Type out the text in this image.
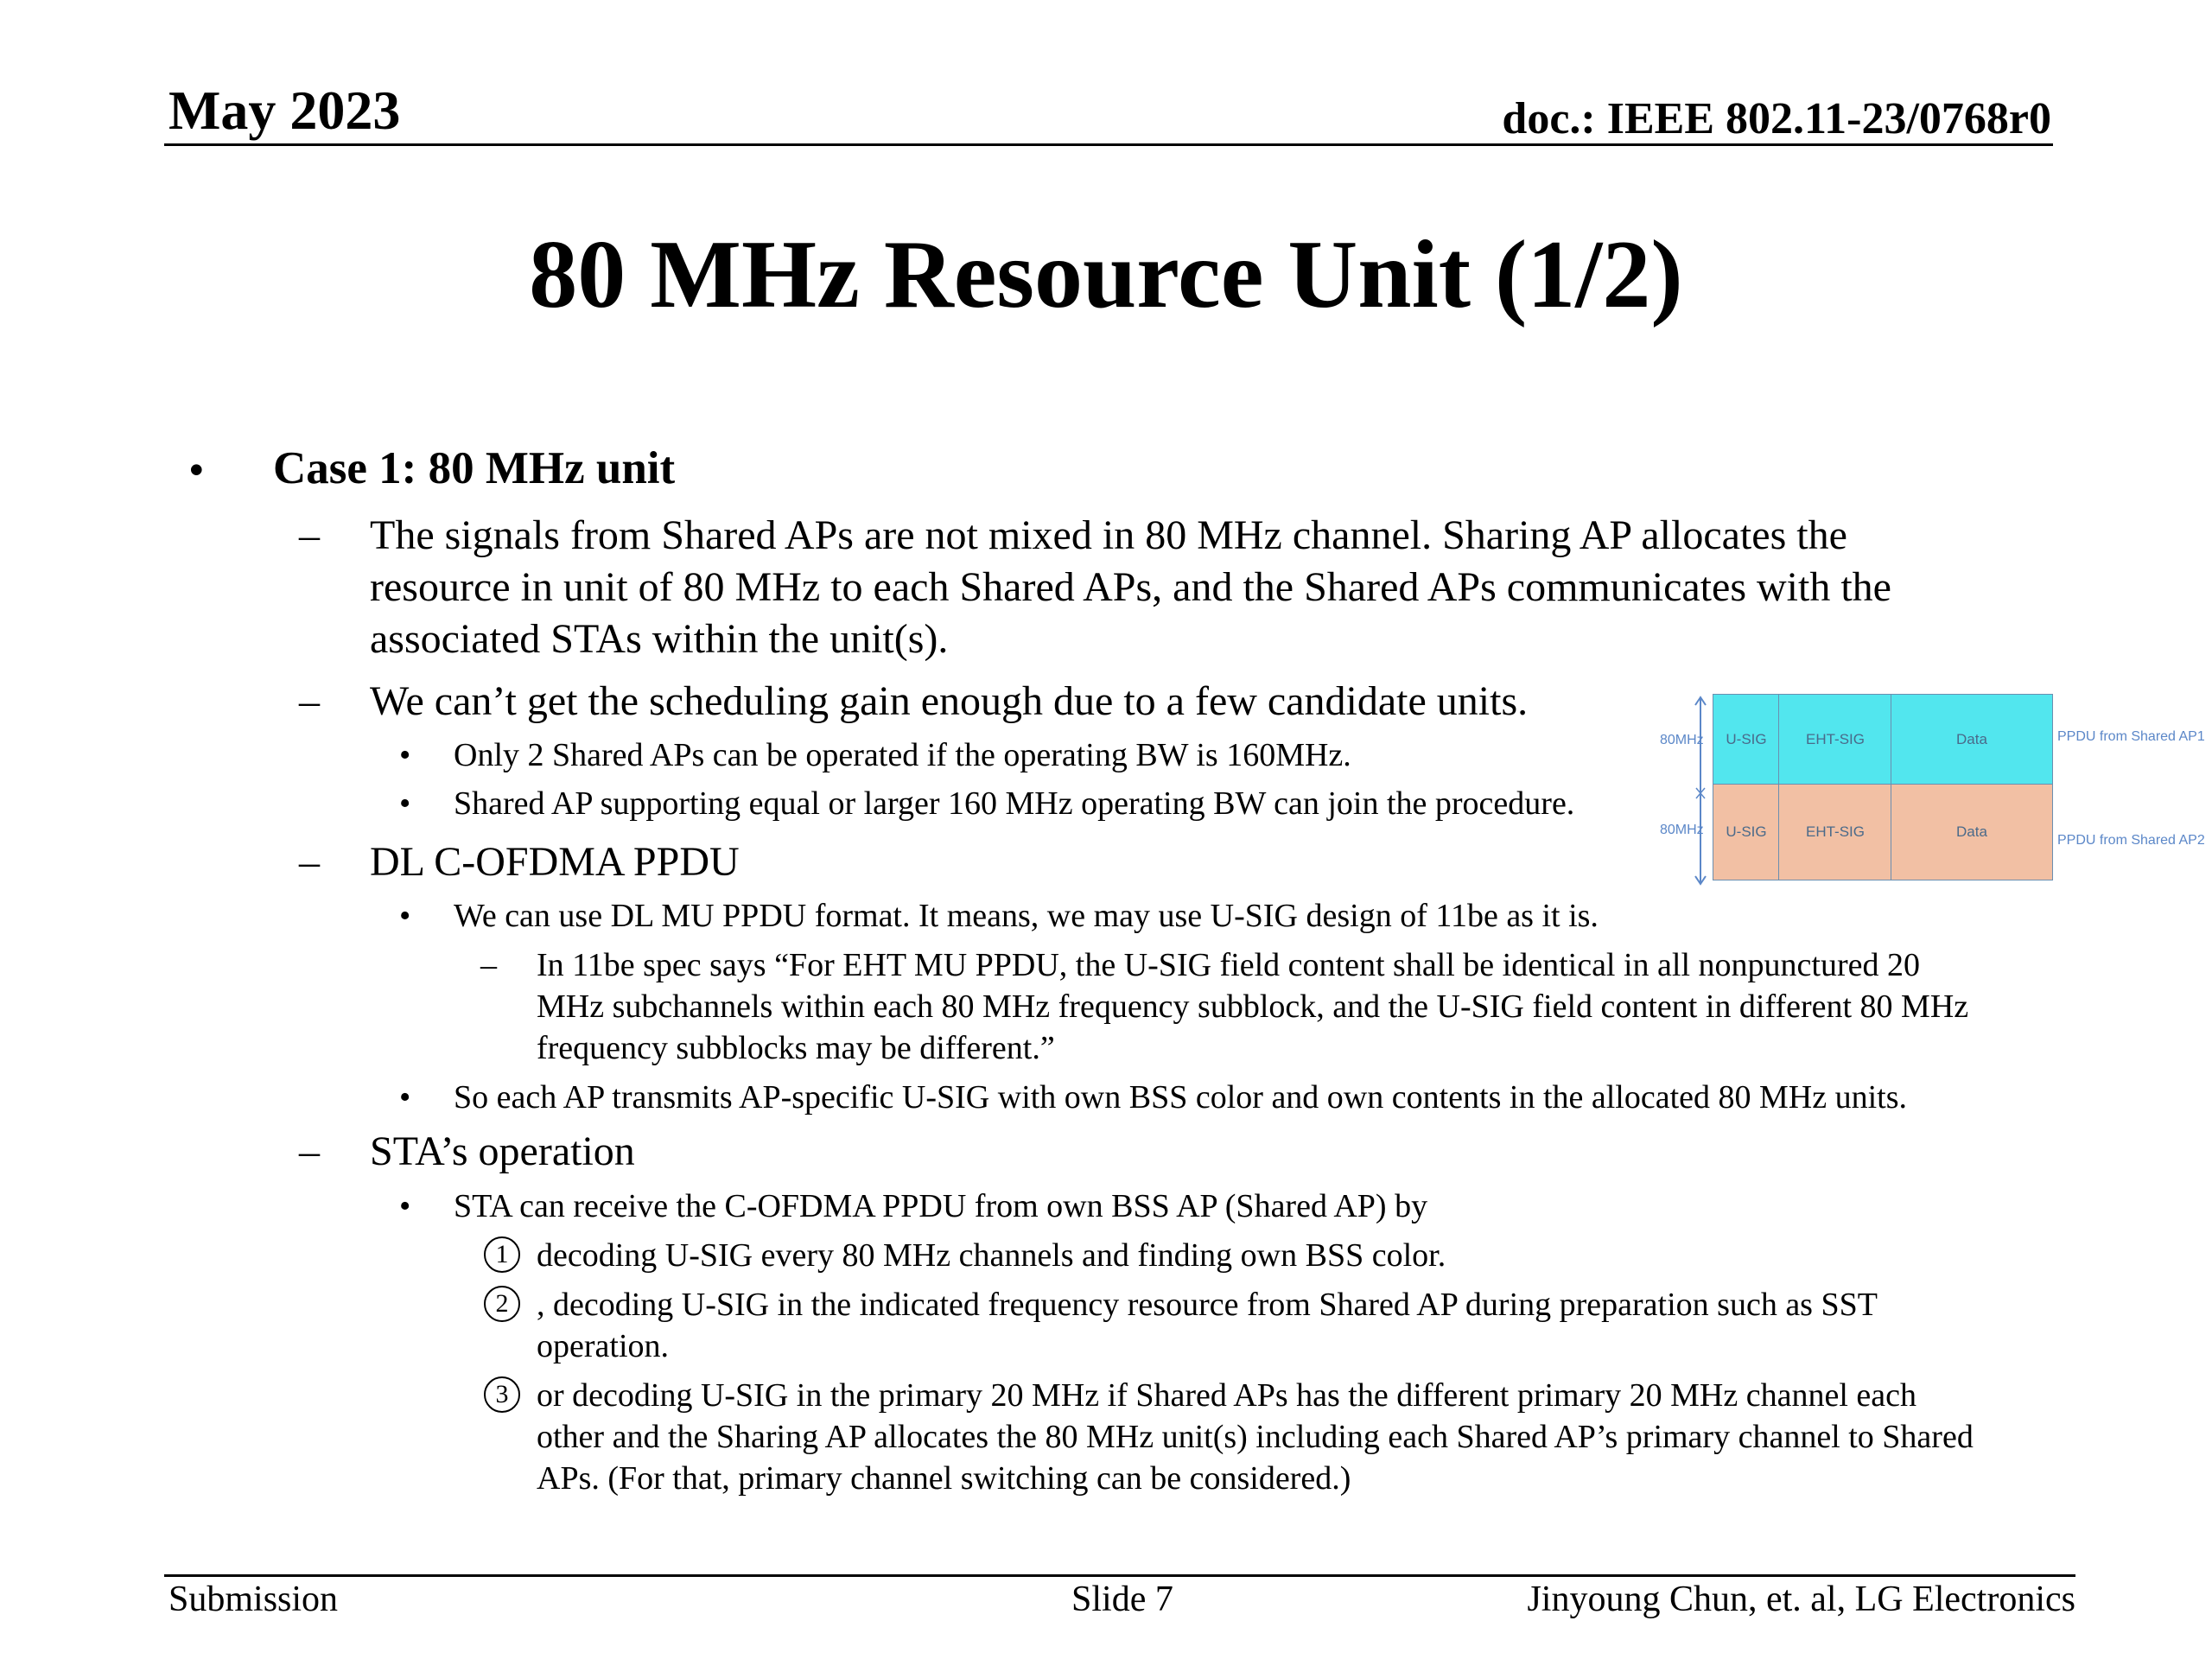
May 2023	doc.: IEEE 802.11-23/0768r0
80 MHz Resource Unit (1/2)
• Case 1: 80 MHz unit
– The signals from Shared APs are not mixed in 80 MHz channel. Sharing AP allocates the
resource in unit of 80 MHz to each Shared APs, and the Shared APs communicates with the
associated STAs within the unit(s).
– We can’t get the scheduling gain enough due to a few candidate units.
• Only 2 Shared APs can be operated if the operating BW is 160MHz.
• Shared AP supporting equal or larger 160 MHz operating BW can join the procedure.
– DL C-OFDMA PPDU
• We can use DL MU PPDU format. It means, we may use U-SIG design of 11be as it is.
– In 11be spec says “For EHT MU PPDU, the U-SIG field content shall be identical in all nonpunctured 20
MHz subchannels within each 80 MHz frequency subblock, and the U-SIG field content in different 80 MHz
frequency subblocks may be different.”
• So each AP transmits AP-specific U-SIG with own BSS color and own contents in the allocated 80 MHz units.
– STA’s operation
• STA can receive the C-OFDMA PPDU from own BSS AP (Shared AP) by
1 decoding U-SIG every 80 MHz channels and finding own BSS color.
2 , decoding U-SIG in the indicated frequency resource from Shared AP during preparation such as SST
operation.
3 or decoding U-SIG in the primary 20 MHz if Shared APs has the different primary 20 MHz channel each
other and the Sharing AP allocates the 80 MHz unit(s) including each Shared AP’s primary channel to Shared
APs. (For that, primary channel switching can be considered.)
80MHz
80MHz
U-SIG	EHT-SIG	Data
U-SIG	EHT-SIG	Data
PPDU from Shared AP1
PPDU from Shared AP2
Submission	Slide 7	Jinyoung Chun, et. al, LG Electronics
